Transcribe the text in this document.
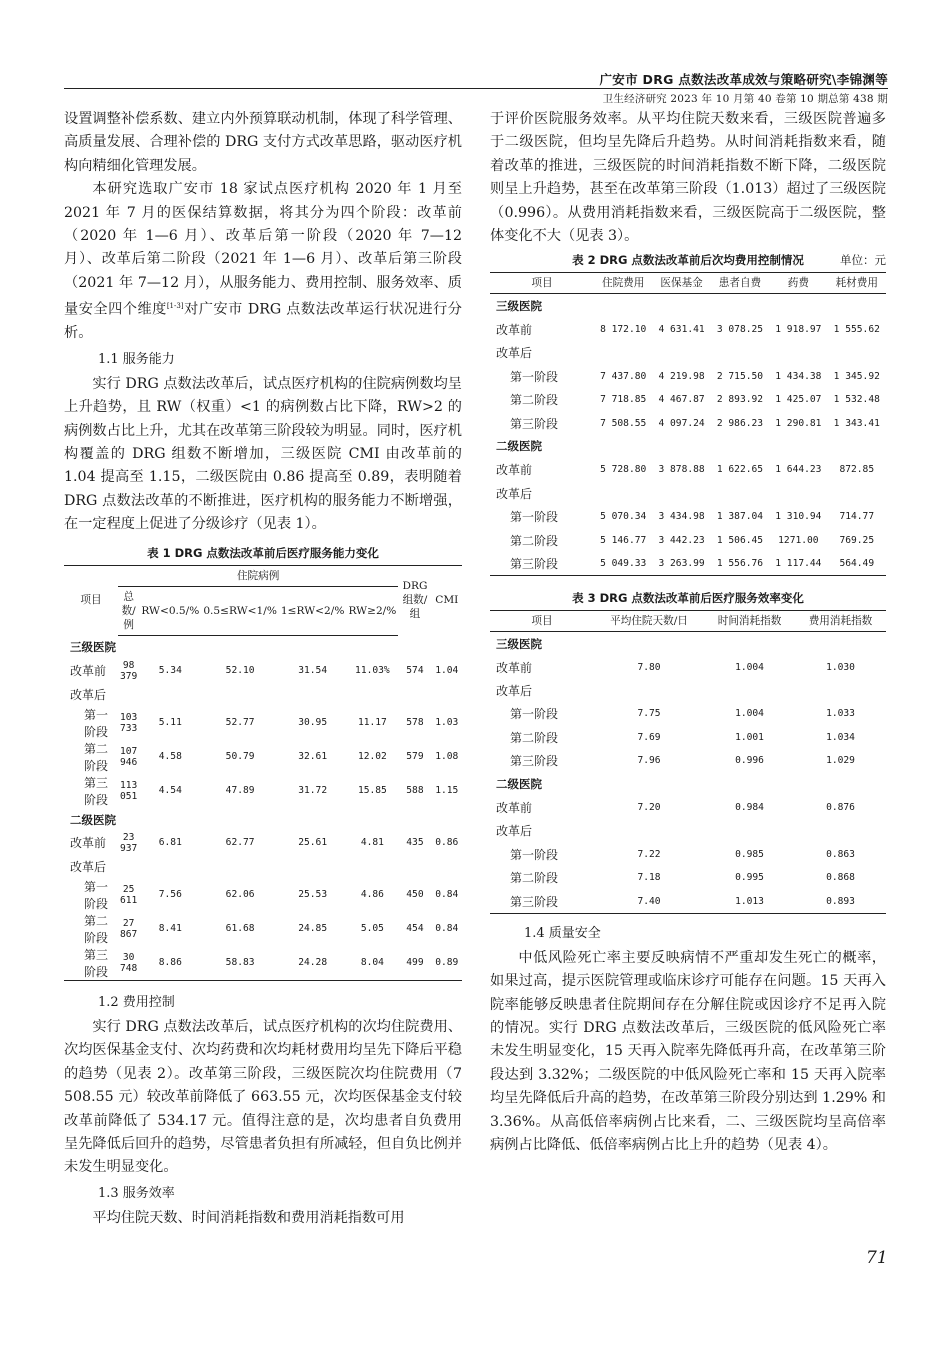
广安市 DRG 点数法改革成效与策略研究\李锦渊等
卫生经济研究 2023 年 10 月第 40 卷第 10 期总第 438 期

设置调整补偿系数、建立内外预算联动机制，体现了科学管理、高质量发展、合理补偿的 DRG 支付方式改革思路，驱动医疗机构向精细化管理发展。

本研究选取广安市 18 家试点医疗机构 2020 年 1 月至 2021 年 7 月的医保结算数据，将其分为四个阶段：改革前（2020 年 1—6 月）、改革后第一阶段（2020 年 7—12 月）、改革后第二阶段（2021 年 1—6 月）、改革后第三阶段（2021 年 7—12 月），从服务能力、费用控制、服务效率、质量安全四个维度[1-3]对广安市 DRG 点数法改革运行状况进行分析。

1.1 服务能力

实行 DRG 点数法改革后，试点医疗机构的住院病例数均呈上升趋势，且 RW（权重）<1 的病例数占比下降，RW>2 的病例数占比上升，尤其在改革第三阶段较为明显。同时，医疗机构覆盖的 DRG 组数不断增加，三级医院 CMI 由改革前的 1.04 提高至 1.15，二级医院由 0.86 提高至 0.89，表明随着 DRG 点数法改革的不断推进，医疗机构的服务能力不断增强，在一定程度上促进了分级诊疗（见表 1）。

表 1 DRG 点数法改革前后医疗服务能力变化
项目	住院病例					DRG组数/组	CMI
	总数/例	RW<0.5/%	0.5≤RW<1/%	1≤RW<2/%	RW≥2/%		
三级医院							
改革前	98 379	5.34	52.10	31.54	11.03%	574	1.04
改革后							
第一阶段	103 733	5.11	52.77	30.95	11.17	578	1.03
第二阶段	107 946	4.58	50.79	32.61	12.02	579	1.08
第三阶段	113 051	4.54	47.89	31.72	15.85	588	1.15
二级医院							
改革前	23 937	6.81	62.77	25.61	4.81	435	0.86
改革后							
第一阶段	25 611	7.56	62.06	25.53	4.86	450	0.84
第二阶段	27 867	8.41	61.68	24.85	5.05	454	0.84
第三阶段	30 748	8.86	58.83	24.28	8.04	499	0.89
1.2 费用控制

实行 DRG 点数法改革后，试点医疗机构的次均住院费用、次均医保基金支付、次均药费和次均耗材费用均呈先下降后平稳的趋势（见表 2）。改革第三阶段，三级医院次均住院费用（7 508.55 元）较改革前降低了 663.55 元，次均医保基金支付较改革前降低了 534.17 元。值得注意的是，次均患者自负费用呈先降低后回升的趋势，尽管患者负担有所减轻，但自负比例并未发生明显变化。

1.3 服务效率

平均住院天数、时间消耗指数和费用消耗指数可用

于评价医院服务效率。从平均住院天数来看，三级医院普遍多于二级医院，但均呈先降后升趋势。从时间消耗指数来看，随着改革的推进，三级医院的时间消耗指数不断下降，二级医院则呈上升趋势，甚至在改革第三阶段（1.013）超过了三级医院（0.996）。从费用消耗指数来看，三级医院高于二级医院，整体变化不大（见表 3）。

表 2 DRG 点数法改革前后次均费用控制情况	单位：元
项目	住院费用	医保基金	患者自费	药费	耗材费用
三级医院					
改革前	8 172.10	4 631.41	3 078.25	1 918.97	1 555.62
改革后					
第一阶段	7 437.80	4 219.98	2 715.50	1 434.38	1 345.92
第二阶段	7 718.85	4 467.87	2 893.92	1 425.07	1 532.48
第三阶段	7 508.55	4 097.24	2 986.23	1 290.81	1 343.41
二级医院					
改革前	5 728.80	3 878.88	1 622.65	1 644.23	872.85
改革后					
第一阶段	5 070.34	3 434.98	1 387.04	1 310.94	714.77
第二阶段	5 146.77	3 442.23	1 506.45	1271.00	769.25
第三阶段	5 049.33	3 263.99	1 556.76	1 117.44	564.49
表 3 DRG 点数法改革前后医疗服务效率变化
项目	平均住院天数/日	时间消耗指数	费用消耗指数
三级医院			
改革前	7.80	1.004	1.030
改革后			
第一阶段	7.75	1.004	1.033
第二阶段	7.69	1.001	1.034
第三阶段	7.96	0.996	1.029
二级医院			
改革前	7.20	0.984	0.876
改革后			
第一阶段	7.22	0.985	0.863
第二阶段	7.18	0.995	0.868
第三阶段	7.40	1.013	0.893
1.4 质量安全

中低风险死亡率主要反映病情不严重却发生死亡的概率，如果过高，提示医院管理或临床诊疗可能存在问题。15 天再入院率能够反映患者住院期间存在分解住院或因诊疗不足再入院的情况。实行 DRG 点数法改革后，三级医院的低风险死亡率未发生明显变化，15 天再入院率先降低再升高，在改革第三阶段达到 3.32%；二级医院的中低风险死亡率和 15 天再入院率均呈先降低后升高的趋势，在改革第三阶段分别达到 1.29% 和 3.36%。从高低倍率病例占比来看，二、三级医院均呈高倍率病例占比降低、低倍率病例占比上升的趋势（见表 4）。

71
